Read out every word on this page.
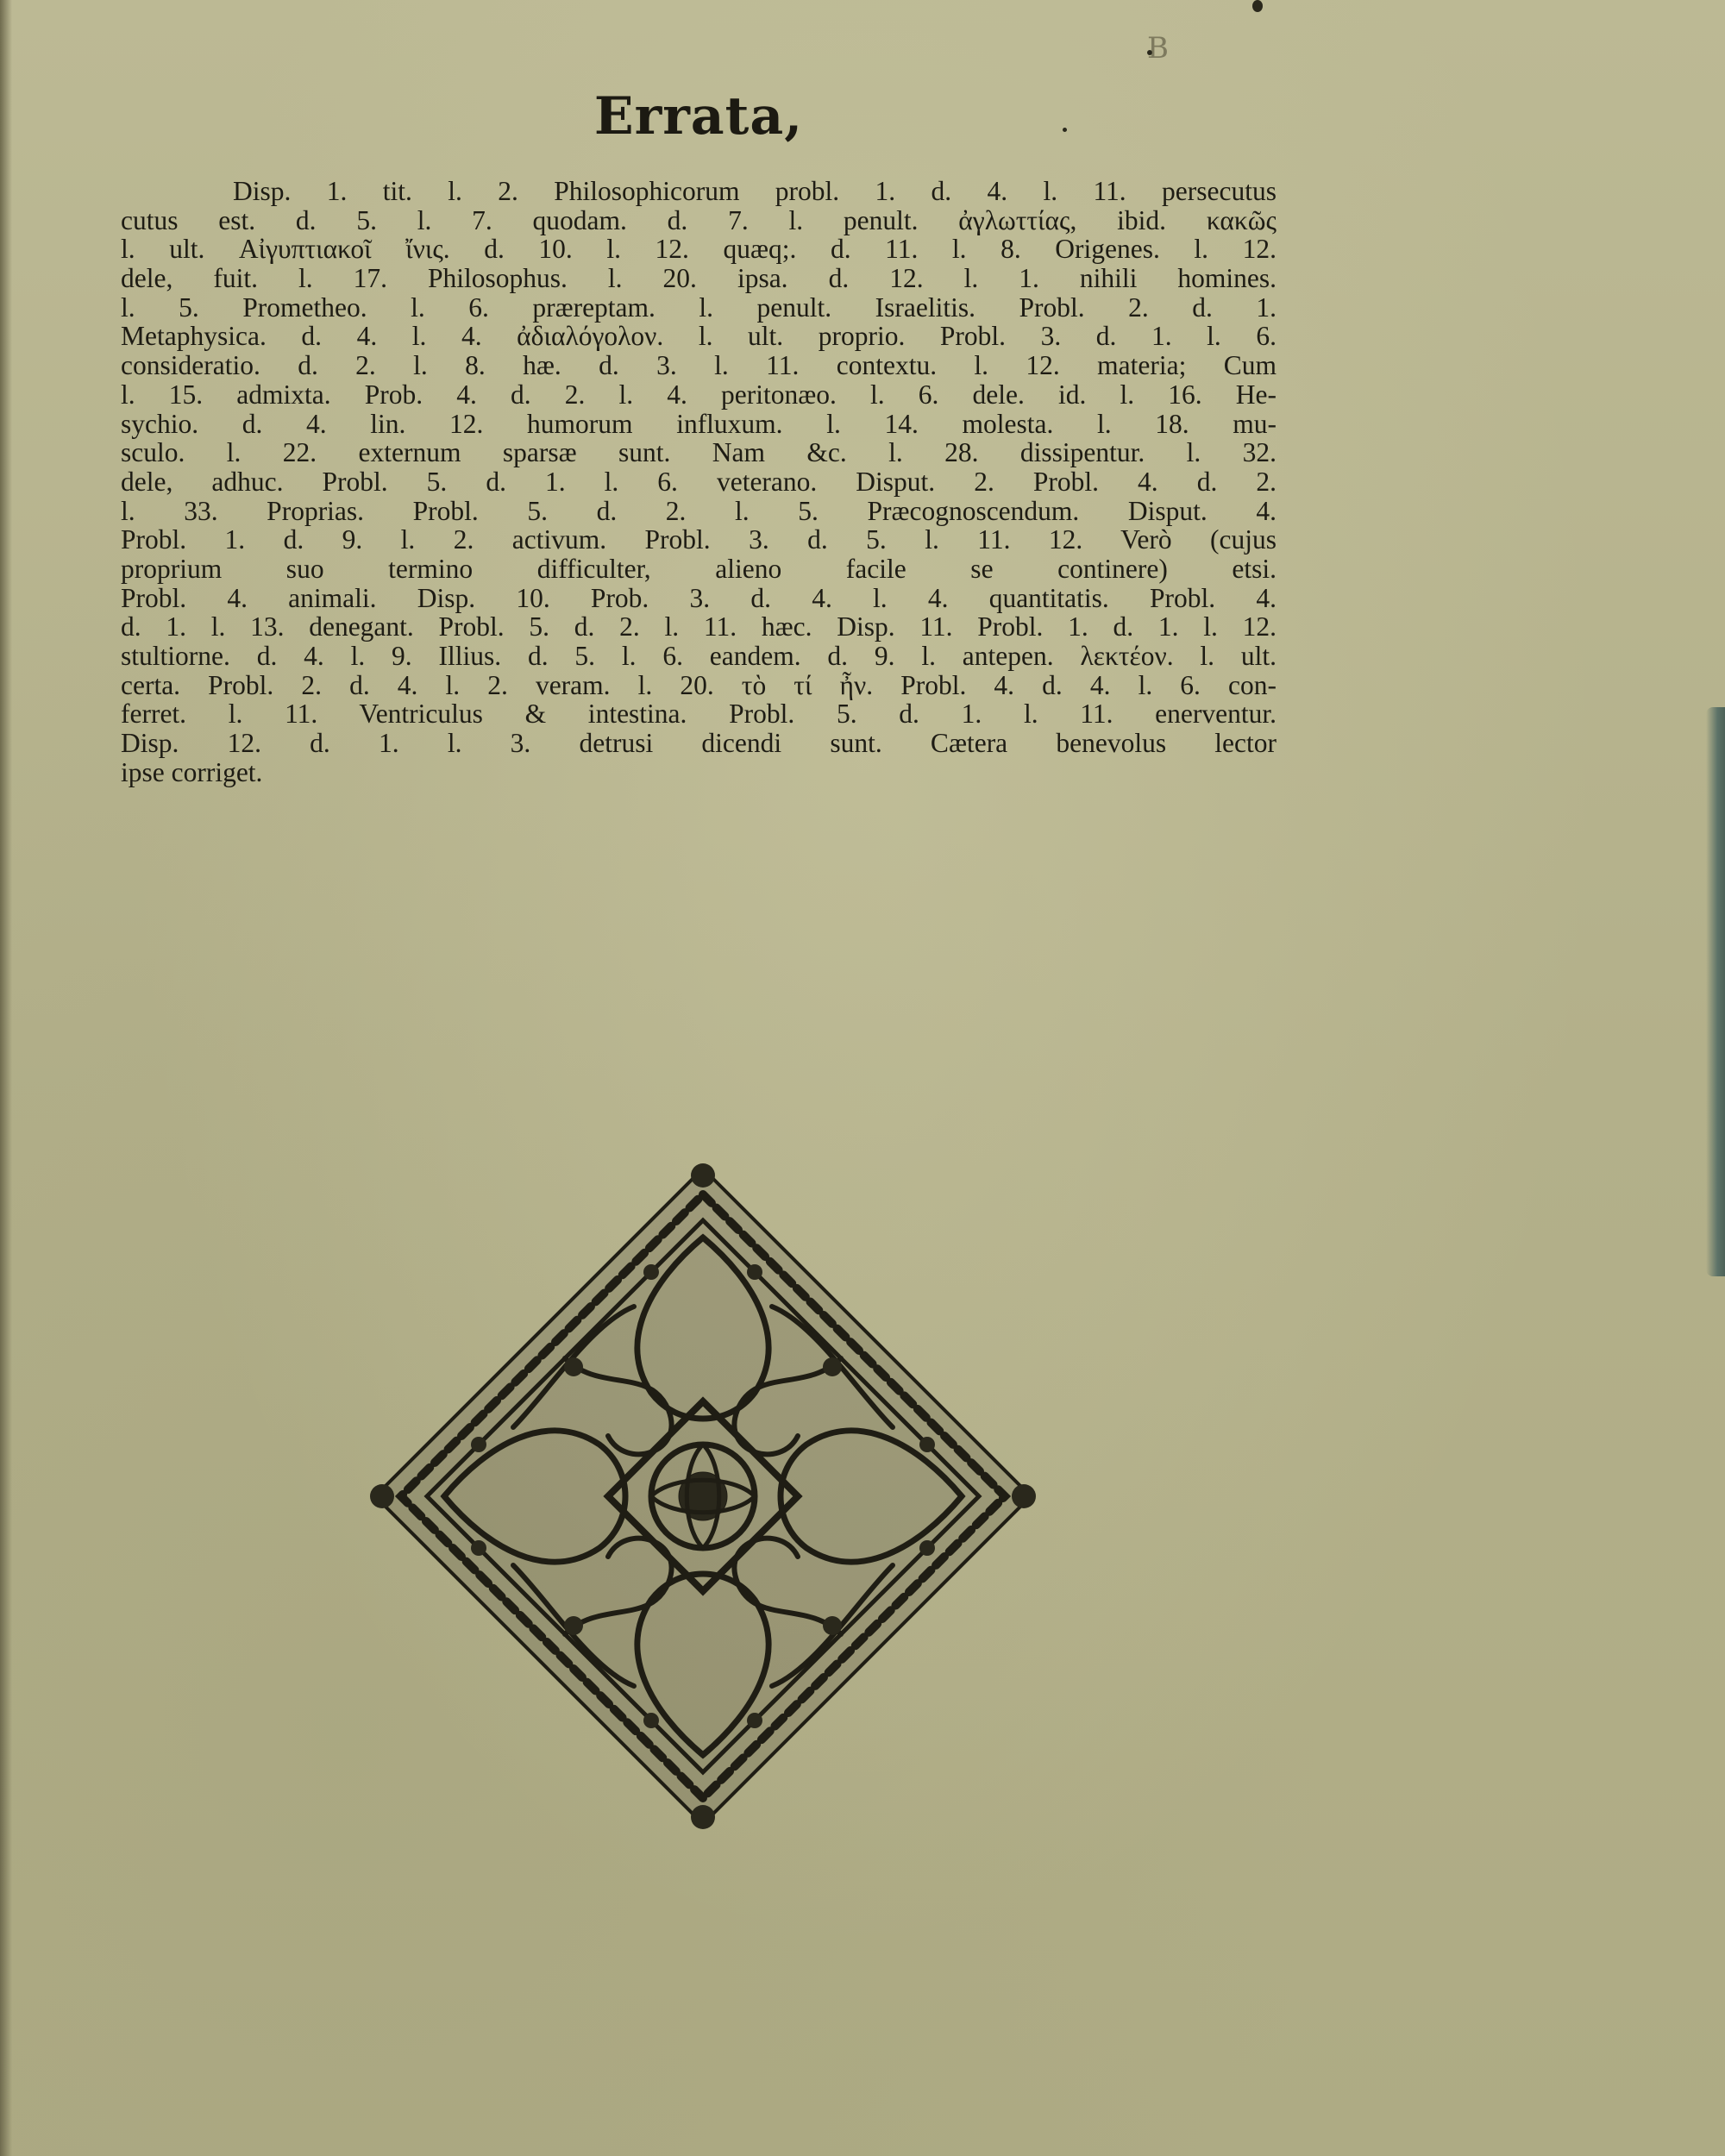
B
Errata,
Disp. 1. tit. l. 2. Philosophicorum probl. 1. d. 4. l. 11. persecutus
cutus est. d. 5. l. 7. quodam. d. 7. l. penult. ἀγλωττίας, ibid. κακῶς
l. ult. Αἰγυπτιακοῖ ἴνις. d. 10. l. 12. quæq;. d. 11. l. 8. Origenes. l. 12.
dele, fuit. l. 17. Philosophus. l. 20. ipsa. d. 12. l. 1. nihili homines.
l. 5. Prometheo. l. 6. præreptam. l. penult. Israelitis. Probl. 2. d. 1.
Metaphysica. d. 4. l. 4. ἀδιαλόγολον. l. ult. proprio. Probl. 3. d. 1. l. 6.
consideratio. d. 2. l. 8. hæ. d. 3. l. 11. contextu. l. 12. materia; Cum
l. 15. admixta. Prob. 4. d. 2. l. 4. peritonæo. l. 6. dele. id. l. 16. He-
sychio. d. 4. lin. 12. humorum influxum. l. 14. molesta. l. 18. mu-
sculo. l. 22. externum sparsæ sunt. Nam &c. l. 28. dissipentur. l. 32.
dele, adhuc. Probl. 5. d. 1. l. 6. veterano. Disput. 2. Probl. 4. d. 2.
l. 33. Proprias. Probl. 5. d. 2. l. 5. Præcognoscendum. Disput. 4.
Probl. 1. d. 9. l. 2. activum. Probl. 3. d. 5. l. 11. 12. Verò (cujus
proprium suo termino difficulter, alieno facile se continere) etsi.
Probl. 4. animali. Disp. 10. Prob. 3. d. 4. l. 4. quantitatis. Probl. 4.
d. 1. l. 13. denegant. Probl. 5. d. 2. l. 11. hæc. Disp. 11. Probl. 1. d. 1. l. 12.
stultiorne. d. 4. l. 9. Illius. d. 5. l. 6. eandem. d. 9. l. antepen. λεκτέον. l. ult.
certa. Probl. 2. d. 4. l. 2. veram. l. 20. τὸ τί ἦν. Probl. 4. d. 4. l. 6. con-
ferret. l. 11. Ventriculus & intestina. Probl. 5. d. 1. l. 11. enerventur.
Disp. 12. d. 1. l. 3. detrusi dicendi sunt. Cætera benevolus lector
ipse corriget.
